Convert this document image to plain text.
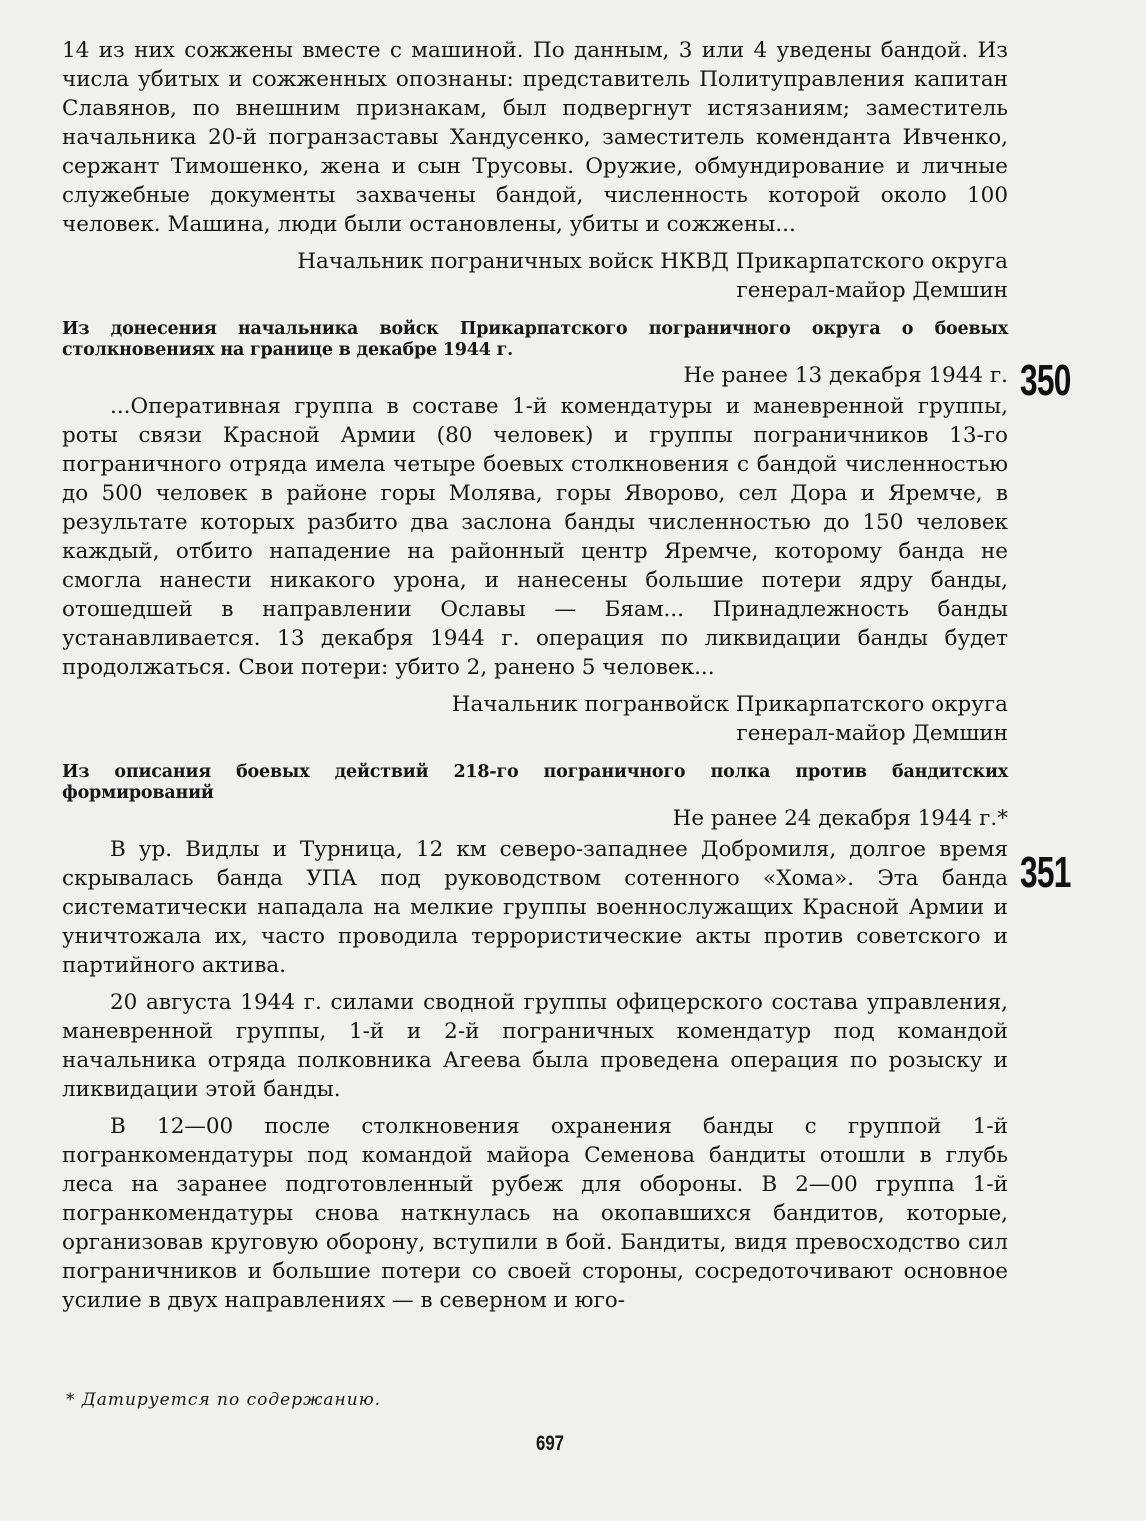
14 из них сожжены вместе с машиной. По данным, 3 или 4 уведены бандой. Из числа убитых и сожженных опознаны: представитель Политуправления капитан Славянов, по внешним признакам, был подвергнут истязаниям; заместитель начальника 20-й погранзаставы Хандусенко, заместитель коменданта Ивченко, сержант Тимошенко, жена и сын Трусовы. Оружие, обмундирование и личные служебные документы захвачены бандой, численность которой около 100 человек. Машина, люди были остановлены, убиты и сожжены...

Начальник пограничных войск НКВД Прикарпатского округа
генерал-майор Демшин
Из донесения начальника войск Прикарпатского пограничного округа о боевых столкновениях на границе в декабре 1944 г.
Не ранее 13 декабря 1944 г.

...Оперативная группа в составе 1-й комендатуры и маневренной группы, роты связи Красной Армии (80 человек) и группы пограничников 13-го пограничного отряда имела четыре боевых столкновения с бандой численностью до 500 человек в районе горы Молява, горы Яворово, сел Дора и Яремче, в результате которых разбито два заслона банды численностью до 150 человек каждый, отбито нападение на районный центр Яремче, которому банда не смогла нанести никакого урона, и нанесены большие потери ядру банды, отошедшей в направлении Ославы — Бяам... Принадлежность банды устанавливается. 13 декабря 1944 г. операция по ликвидации банды будет продолжаться. Свои потери: убито 2, ранено 5 человек...

Начальник погранвойск Прикарпатского округа
генерал-майор Демшин
Из описания боевых действий 218-го пограничного полка против бандитских формирований
Не ранее 24 декабря 1944 г.*

В ур. Видлы и Турница, 12 км северо-западнее Добромиля, долгое время скрывалась банда УПА под руководством сотенного «Хома». Эта банда систематически нападала на мелкие группы военнослужащих Красной Армии и уничтожала их, часто проводила террористические акты против советского и партийного актива.

20 августа 1944 г. силами сводной группы офицерского состава управления, маневренной группы, 1-й и 2-й пограничных комендатур под командой начальника отряда полковника Агеева была проведена операция по розыску и ликвидации этой банды.

В 12—00 после столкновения охранения банды с группой 1-й погранкомендатуры под командой майора Семенова бандиты отошли в глубь леса на заранее подготовленный рубеж для обороны. В 2—00 группа 1-й погранкомендатуры снова наткнулась на окопавшихся бандитов, которые, организовав круговую оборону, вступили в бой. Бандиты, видя превосходство сил пограничников и большие потери со своей стороны, сосредоточивают основное усилие в двух направлениях — в северном и юго-

350
351
* Датируется по содержанию.
697
